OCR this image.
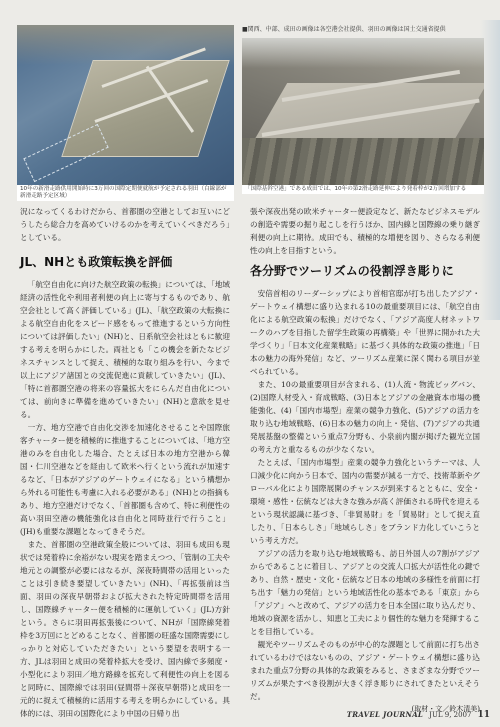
10年の新滑走路供用開始時に3万回の国際定期便就航が予定される羽田（白線部が新滑走路予定区域）
■関西、中部、成田の画像は各空港会社提供、羽田の画像は国土交通省提供
「国際基幹空港」である成田では、10年の第2滑走路延伸により発着枠が2万回増加する

況になってくるわけだから、首都圏の空港としてお互いにどうしたら総合力を高めていけるのかを考えていくべきだろう」としている。

JL、NHとも政策転換を評価

「航空自由化に向けた航空政策の転換」については、「地域経済の活性化や利用者利便の向上に寄与するものであり、航空会社として高く評価している」(JL)、「航空政策の大転換による航空自由化をスピード感をもって推進するという方向性については評価したい」(NH)と、日系航空会社はともに歓迎する考えを明らかにした。両社とも「この機会を新たなビジネスチャンスとして捉え、積極的な取り組みを行い、今まで以上にアジア諸国との交流促進に貢献していきたい」(JL)、「特に首都圏空港の将来の容量拡大をにらんだ自由化については、前向きに準備を進めていきたい」(NH)と意欲を見せる。

一方、地方空港で自由化交渉を加速化させることや国際旅客チャーター便を積極的に推進することについては、「地方空港のみを自由化した場合、たとえば日本の地方空港から韓国・仁川空港などを経由して欧米へ行くという流れが加速するなど、「日本がアジアのゲートウェイになる」という構想から外れる可能性も考慮に入れる必要がある」(NH)との指摘もあり、地方空港だけでなく、「首都圏も含めて、特に利便性の高い羽田空港の機能強化は自由化と同時並行で行うこと」(JH)も重要な課題となってきそうだ。

また、首都圏の空港政策全般については、羽田も成田も現状では発着枠に余裕がない現実を踏まえつつ、「管制の工夫や地元との調整が必要にはなるが、深夜時間帯の活用といったことは引き続き要望していきたい」(NH)、「再拡張前は当面、羽田の深夜早朝帯および拡大された特定時間帯を活用し、国際線チャーター便を積極的に運航していく」(JL)方針という。さらに羽田再拡張後について、NHが「国際線発着枠を3万回にとどめることなく、首都圏の旺盛な国際需要にしっかりと対応していただきたい」という要望を表明する一方、JLは羽田と成田の発着枠拡大を受け、国内線で多頻度・小型化により羽田／地方路線を拡充して利便性の向上を図ると同時に、国際線では羽田(昼間帯＋深夜早朝帯)と成田を一元的に捉えて積極的に活用する考えを明らかにしている。具体的には、羽田の国際化により中国の日帰り出

張や深夜出発の欧米チャーター便設定など、新たなビジネスモデルの創造や需要の掘り起こしを行うほか、国内線と国際線の乗り継ぎ利便の向上に期待。成田でも、積極的な増便を図り、さらなる利便性の向上を目指すという。

各分野でツーリズムの役割浮き彫りに

安倍首相のリーダーシップにより首相官邸が打ち出したアジア・ゲートウェイ構想に盛り込まれる10の最重要項目には、「航空自由化による航空政策の転換」だけでなく、「アジア高度人材ネットワークのハブを目指した留学生政策の再構築」や「世界に開かれた大学づくり」「日本文化産業戦略」に基づく具体的な政策の推進」「日本の魅力の海外発信」など、ツーリズム産業に深く関わる項目が並べられている。

また、10の最重要項目が含まれる、(1)人流・物流ビッグバン、(2)国際人材受入・育成戦略、(3)日本とアジアの金融資本市場の機能強化、(4)「国内市場型」産業の競争力強化、(5)アジアの活力を取り込む地域戦略、(6)日本の魅力の向上・発信、(7)アジアの共通発展基盤の整備という重点7分野も、小泉前内閣が掲げた観光立国の考え方と重なるものが少なくない。

たとえば、「国内市場型」産業の競争力強化というテーマは、人口減少化に向かう日本で、国内の需要が減る一方で、技術革新やグローバル化により国際展開のチャンスが到来するとともに、安全・環境・感性・伝統などは大きな強みが高く評価される時代を迎えるという現状認識に基づき、「非貿易財」を「貿易財」として捉え直したり、「日本らしさ」「地域らしさ」をブランド力化していこうという考え方だ。

アジアの活力を取り込む地域戦略も、訪日外国人の7割がアジアからであることに着目し、アジアとの交流人口拡大が活性化の鍵であり、自然・歴史・文化・伝統など日本の地域の多様性を前面に打ち出す「魅力の発信」という地域活性化の基本である「東京」から「アジア」へと改めて、アジアの活力を日本全国に取り込んだり、地域の資源を活かし、知恵と工夫により個性的な魅力を発揮することを目指している。

観光やツーリズムそのものが中心的な課題として前面に打ち出されているわけではないものの、アジア・ゲートウェイ構想に盛り込まれた重点7分野の具体的な政策をみると、さまざまな分野でツーリズムが果たすべき役割が大きく浮き彫りにされてきたといえそうだ。

(取材・文／鈴木清美)

TRAVEL JOURNAL JUL 9, 2007 11
